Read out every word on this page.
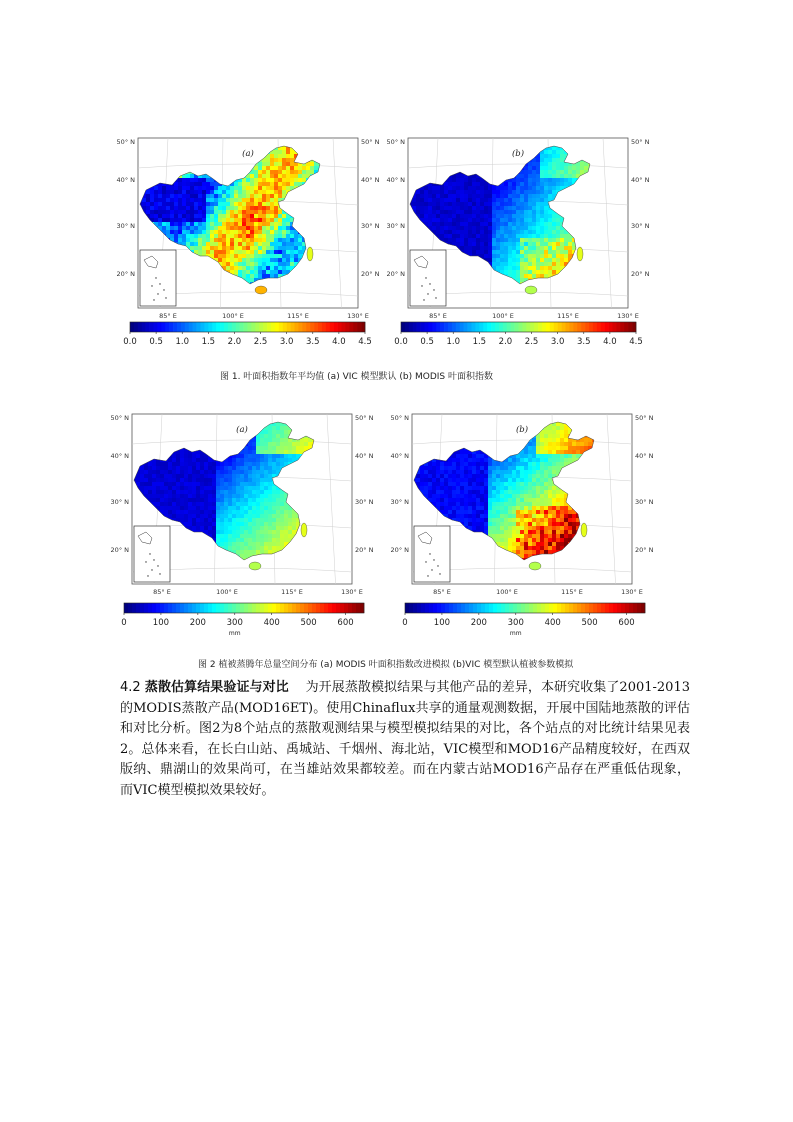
(a)
50° N	50° N
40° N	40° N
30° N	30° N
20° N	20° N
85° E	100° E	115° E	130° E
(b)
50° N	50° N
40° N	40° N
30° N	30° N
20° N	20° N
85° E	100° E	115° E	130° E
0.0 0.5 1.0 1.5 2.0 2.5 3.0 3.5 4.0 4.5	0.0 0.5 1.0 1.5 2.0 2.5 3.0 3.5 4.0 4.5
图 1. 叶面积指数年平均值 (a) VIC 模型默认 (b) MODIS 叶面积指数
(a)
50° N	50° N
40° N	40° N
30° N	30° N
20° N	20° N
85° E	100° E	115° E	130° E
(b)
50° N	50° N
40° N	40° N
30° N	30° N
20° N	20° N
85° E	100° E	115° E	130° E
0	100 200 300 400 500 600
mm
0	100 200 300 400 500 600
mm
图 2 植被蒸腾年总量空间分布 (a) MODIS 叶面积指数改进模拟 (b)VIC 模型默认植被参数模拟
4.2 蒸散估算结果验证与对比 为开展蒸散模拟结果与其他产品的差异，本研究收集了2001-2013的MODIS蒸散产品(MOD16ET)。使用Chinaflux共享的通量观测数据，开展中国陆地蒸散的评估和对比分析。图2为8个站点的蒸散观测结果与模型模拟结果的对比，各个站点的对比统计结果见表2。总体来看，在长白山站、禹城站、千烟州、海北站，VIC模型和MOD16产品精度较好，在西双版纳、鼎湖山的效果尚可，在当雄站效果都较差。而在内蒙古站MOD16产品存在严重低估现象，而VIC模型模拟效果较好。
